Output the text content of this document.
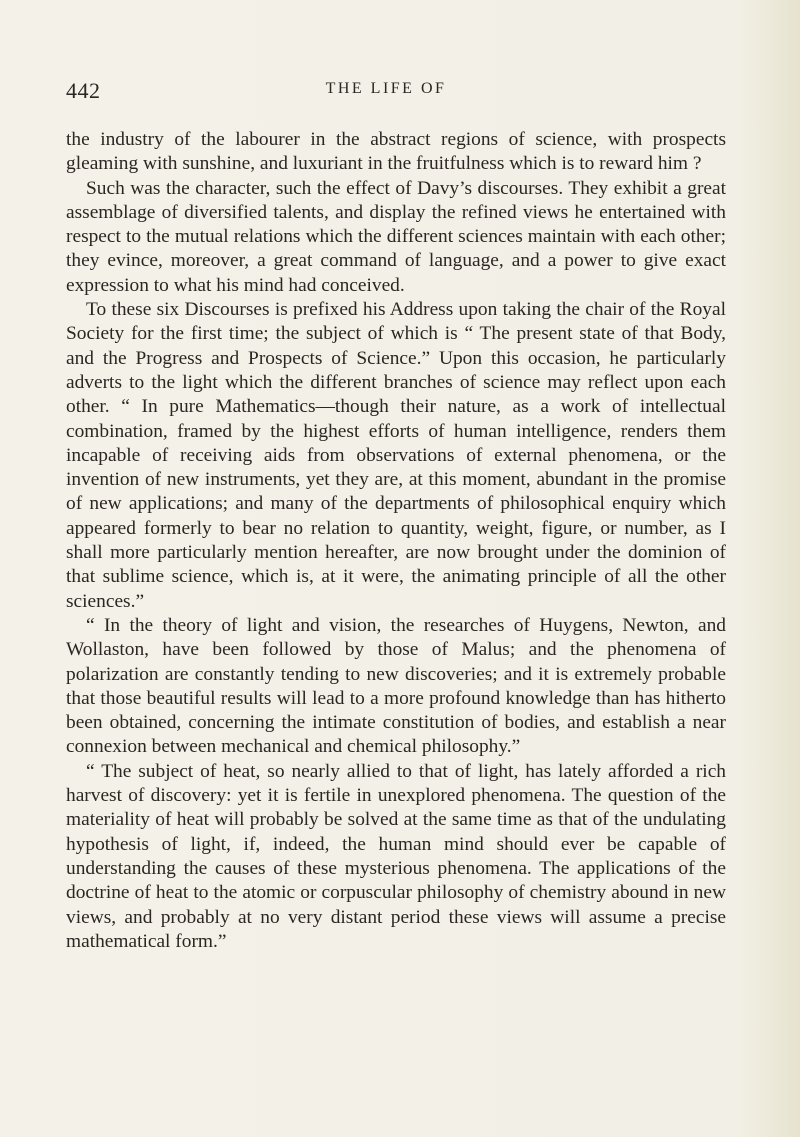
442	THE LIFE OF

the industry of the labourer in the abstract regions of science, with prospects gleaming with sunshine, and luxuriant in the fruitfulness which is to reward him ?

Such was the character, such the effect of Davy’s discourses. They exhibit a great assemblage of diversified talents, and display the refined views he entertained with respect to the mutual relations which the different sciences maintain with each other; they evince, moreover, a great command of language, and a power to give exact expression to what his mind had conceived.

To these six Discourses is prefixed his Address upon taking the chair of the Royal Society for the first time; the subject of which is “ The present state of that Body, and the Progress and Prospects of Science.” Upon this occasion, he particularly adverts to the light which the different branches of science may reflect upon each other. “ In pure Mathematics—though their nature, as a work of intellectual combination, framed by the highest efforts of human intelligence, renders them incapable of receiving aids from observations of external phenomena, or the invention of new instruments, yet they are, at this moment, abundant in the promise of new applications; and many of the departments of philosophical enquiry which appeared formerly to bear no relation to quantity, weight, figure, or number, as I shall more particularly mention hereafter, are now brought under the dominion of that sublime science, which is, at it were, the animating principle of all the other sciences.”

“ In the theory of light and vision, the researches of Huygens, Newton, and Wollaston, have been followed by those of Malus; and the phenomena of polarization are constantly tending to new discoveries; and it is extremely probable that those beautiful results will lead to a more profound knowledge than has hitherto been obtained, concerning the intimate constitution of bodies, and establish a near connexion between mechanical and chemical philosophy.”

“ The subject of heat, so nearly allied to that of light, has lately afforded a rich harvest of discovery: yet it is fertile in unexplored phenomena. The question of the materiality of heat will probably be solved at the same time as that of the undulating hypothesis of light, if, indeed, the human mind should ever be capable of understanding the causes of these mysterious phenomena. The applications of the doctrine of heat to the atomic or corpuscular philosophy of chemistry abound in new views, and probably at no very distant period these views will assume a precise mathematical form.”
